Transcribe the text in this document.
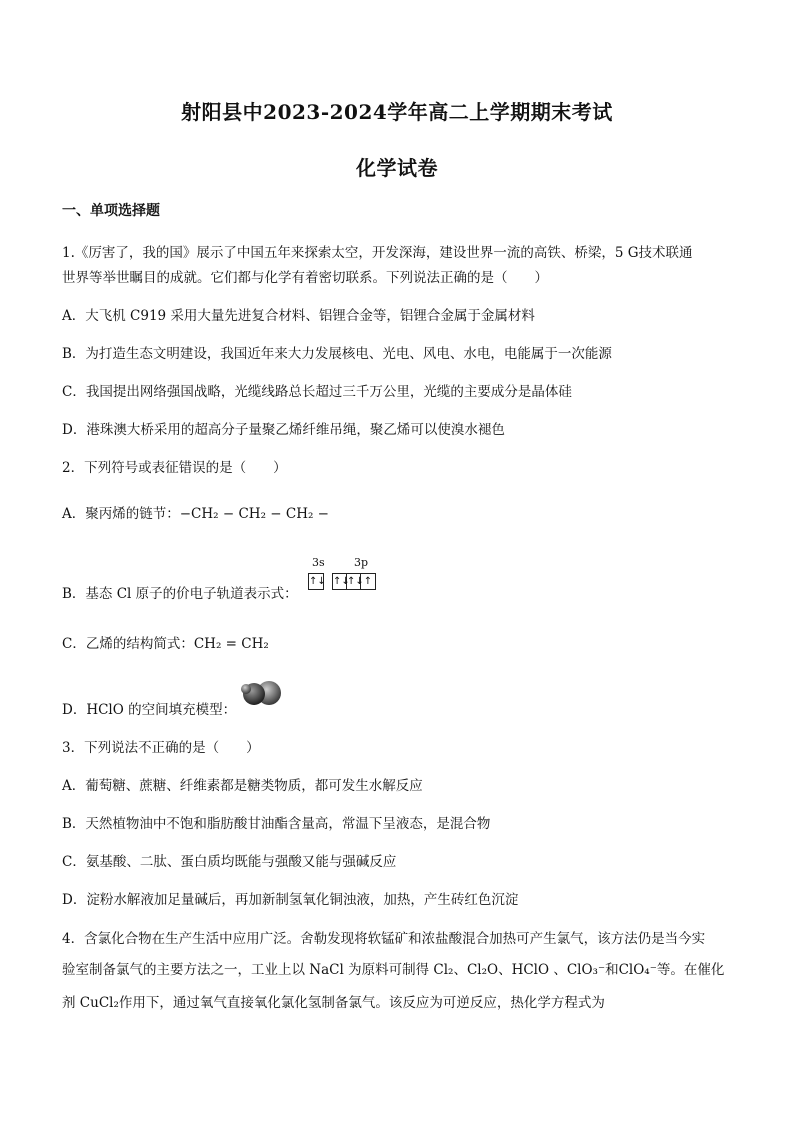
射阳县中2023-2024学年高二上学期期末考试
化学试卷
一、单项选择题
1.《厉害了，我的国》展示了中国五年来探索太空，开发深海，建设世界一流的高铁、桥梁，5 G技术联通
世界等举世瞩目的成就。它们都与化学有着密切联系。下列说法正确的是（　　）
A．大飞机 C919 采用大量先进复合材料、铝锂合金等，铝锂合金属于金属材料
B．为打造生态文明建设，我国近年来大力发展核电、光电、风电、水电，电能属于一次能源
C．我国提出网络强国战略，光缆线路总长超过三千万公里，光缆的主要成分是晶体硅
D．港珠澳大桥采用的超高分子量聚乙烯纤维吊绳，聚乙烯可以使溴水褪色
2．下列符号或表征错误的是（　　）
A．聚丙烯的链节：−CH₂ − CH₂ − CH₂ −
B．基态 Cl 原子的价电子轨道表示式：
3s	3p
↑↓ ↑↓
↑↓ ↑
C．乙烯的结构简式：CH₂ = CH₂
D．HClO 的空间填充模型：
3．下列说法不正确的是（　　）
A．葡萄糖、蔗糖、纤维素都是糖类物质，都可发生水解反应
B．天然植物油中不饱和脂肪酸甘油酯含量高，常温下呈液态，是混合物
C．氨基酸、二肽、蛋白质均既能与强酸又能与强碱反应
D．淀粉水解液加足量碱后，再加新制氢氧化铜浊液，加热，产生砖红色沉淀
4．含氯化合物在生产生活中应用广泛。舍勒发现将软锰矿和浓盐酸混合加热可产生氯气，该方法仍是当今实
验室制备氯气的主要方法之一，工业上以 NaCl 为原料可制得 Cl₂、Cl₂O、HClO 、ClO₃⁻和ClO₄⁻等。在催化
剂 CuCl₂作用下，通过氧气直接氧化氯化氢制备氯气。该反应为可逆反应，热化学方程式为
